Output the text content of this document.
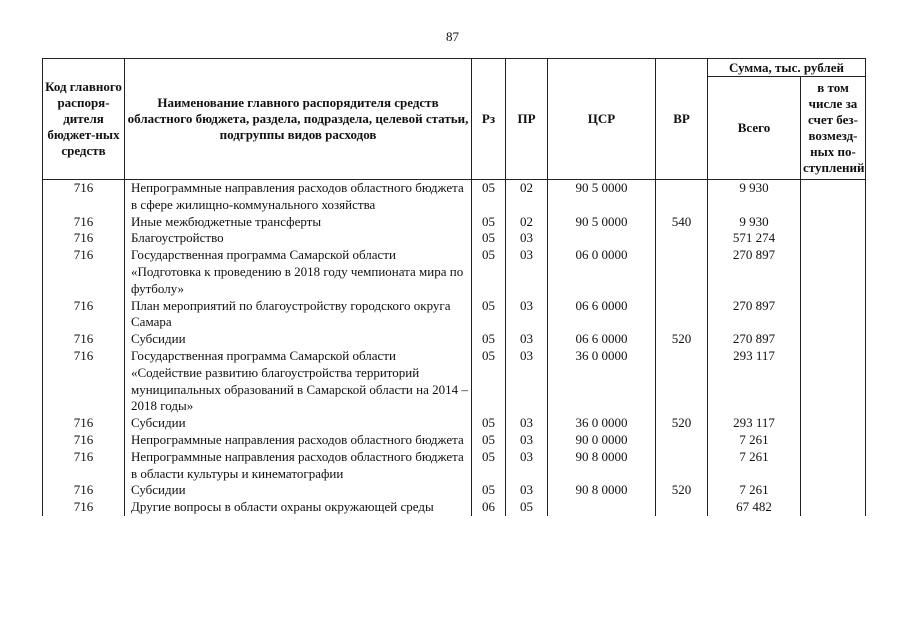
87
Код главного распоря-дителя бюджет-ных средств	Наименование главного распорядителя средств областного бюджета, раздела, подраздела, целевой статьи, подгруппы видов расходов	Рз	ПР	ЦСР	ВР	Сумма, тыс. рублей	
						Всего	в том числе за счет без-возмезд-ных по-ступлений
716	Непрограммные направления расходов областного бюджета в сфере жилищно-коммунального хозяйства	05	02	90 5 0000		9 930	
716	Иные межбюджетные трансферты	05	02	90 5 0000	540	9 930	
716	Благоустройство	05	03			571 274	
716	Государственная программа Самарской области «Подготовка к проведению в 2018 году чемпионата мира по футболу»	05	03	06 0 0000		270 897	
716	План мероприятий по благоустройству городского округа Самара	05	03	06 6 0000		270 897	
716	Субсидии	05	03	06 6 0000	520	270 897	
716	Государственная программа Самарской области «Содействие развитию благоустройства территорий муниципальных образований в Самарской области на 2014 – 2018 годы»	05	03	36 0 0000		293 117	
716	Субсидии	05	03	36 0 0000	520	293 117	
716	Непрограммные направления расходов областного бюджета	05	03	90 0 0000		7 261	
716	Непрограммные направления расходов областного бюджета в области культуры и кинематографии	05	03	90 8 0000		7 261	
716	Субсидии	05	03	90 8 0000	520	7 261	
716	Другие вопросы в области охраны окружающей среды	06	05			67 482	
